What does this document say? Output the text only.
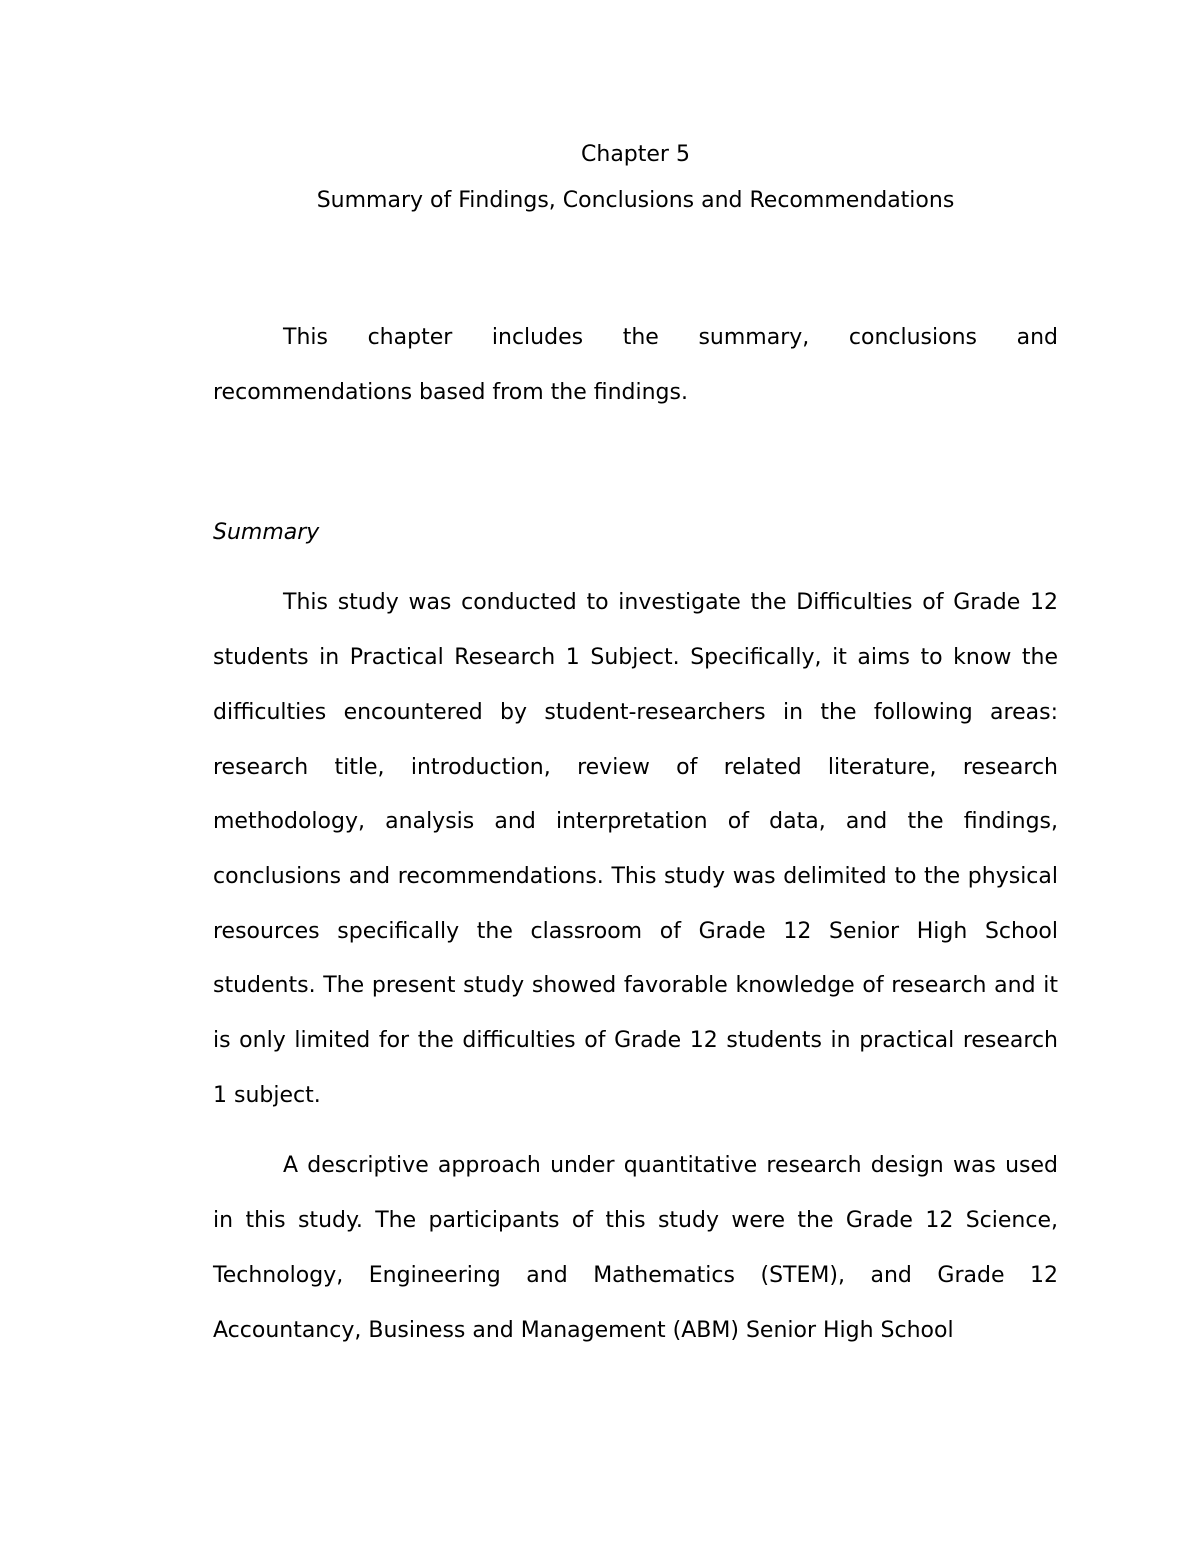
Chapter 5

Summary of Findings, Conclusions and Recommendations

This chapter includes the summary, conclusions and recommendations based from the findings.

Summary

This study was conducted to investigate the Difficulties of Grade 12 students in Practical Research 1 Subject. Specifically, it aims to know the difficulties encountered by student-researchers in the following areas: research title, introduction, review of related literature, research methodology, analysis and interpretation of data, and the findings, conclusions and recommendations. This study was delimited to the physical resources specifically the classroom of Grade 12 Senior High School students. The present study showed favorable knowledge of research and it is only limited for the difficulties of Grade 12 students in practical research 1 subject.

A descriptive approach under quantitative research design was used in this study. The participants of this study were the Grade 12 Science, Technology, Engineering and Mathematics (STEM), and Grade 12 Accountancy, Business and Management (ABM) Senior High School
